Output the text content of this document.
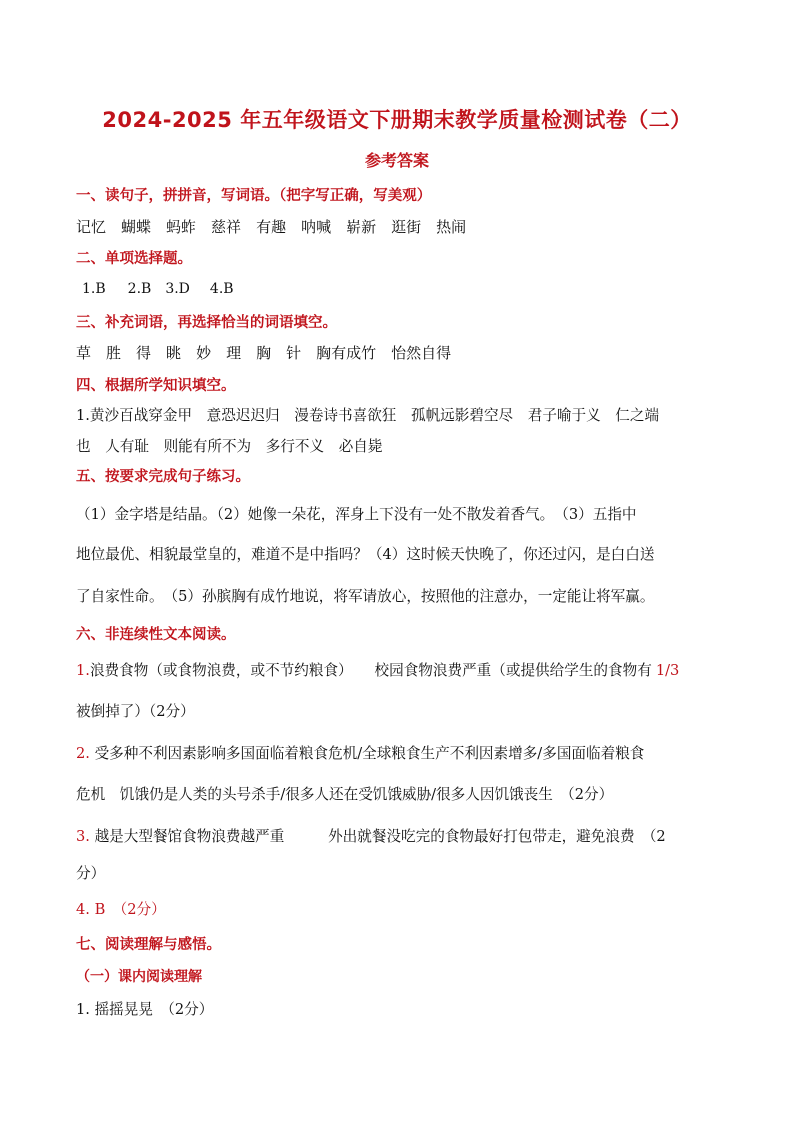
2024-2025 年五年级语文下册期末教学质量检测试卷（二）
参考答案
一、读句子，拼拼音，写词语。（把字写正确，写美观）
记忆 蝴蝶 蚂蚱 慈祥 有趣 呐喊 崭新 逛街 热闹
二、单项选择题。
1.B 2.B 3.D 4.B
三、补充词语，再选择恰当的词语填空。
草 胜 得 眺 妙 理 胸 针 胸有成竹 怡然自得
四、根据所学知识填空。
1.黄沙百战穿金甲　意恐迟迟归　漫卷诗书喜欲狂　孤帆远影碧空尽　君子喻于义　仁之端
也　人有耻　则能有所不为　多行不义　必自毙
五、按要求完成句子练习。
（1）金字塔是结晶。（2）她像一朵花，浑身上下没有一处不散发着香气。　（3）五指中
地位最优、相貌最堂皇的，难道不是中指吗？（4）这时候天快晚了，你还过闪，是白白送
了自家性命。　（5）孙膑胸有成竹地说，将军请放心，按照他的注意办，一定能让将军赢。
六、非连续性文本阅读。
1.浪费食物（或食物浪费，或不节约粮食）　　校园食物浪费严重（或提供给学生的食物有 1/3
被倒掉了）（2分）
2. 受多种不利因素影响多国面临着粮食危机/全球粮食生产不利因素增多/多国面临着粮食
危机　饥饿仍是人类的头号杀手/很多人还在受饥饿威胁/很多人因饥饿丧生　（2分）
3. 越是大型餐馆食物浪费越严重　　　外出就餐没吃完的食物最好打包带走，避免浪费　（2
分）
4. B　（2分）
七、阅读理解与感悟。
（一）课内阅读理解
1. 摇摇晃晃　（2分）
